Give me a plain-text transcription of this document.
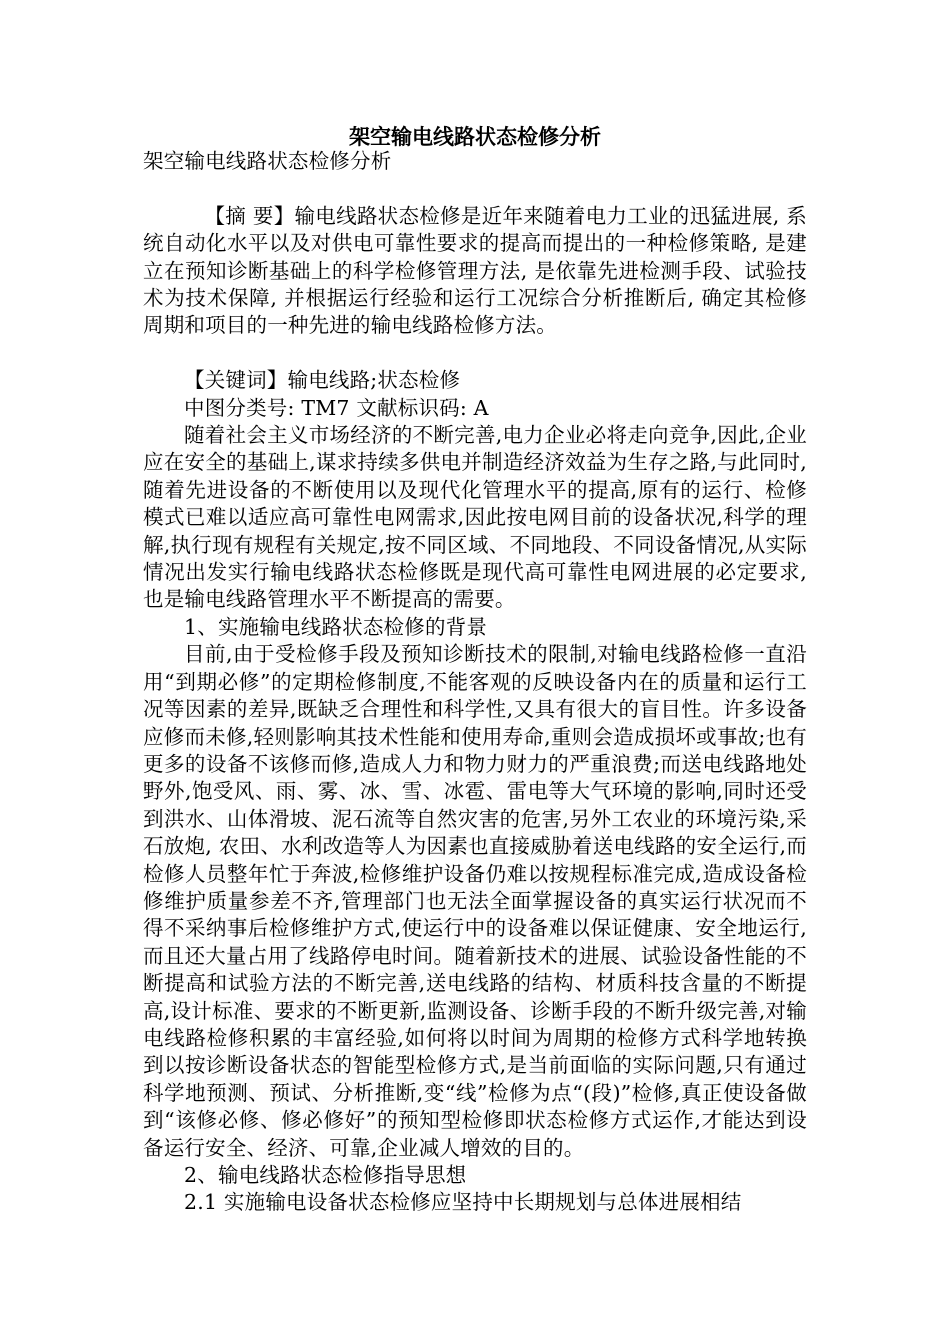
架空输电线路状态检修分析

架空输电线路状态检修分析

【摘 要】输电线路状态检修是近年来随着电力工业的迅猛进展, 系统自动化水平以及对供电可靠性要求的提高而提出的一种检修策略, 是建立在预知诊断基础上的科学检修管理方法, 是依靠先进检测手段、试验技术为技术保障, 并根据运行经验和运行工况综合分析推断后, 确定其检修周期和项目的一种先进的输电线路检修方法。

【关键词】输电线路;状态检修

中图分类号: TM7 文献标识码: A

随着社会主义市场经济的不断完善,电力企业必将走向竞争,因此,企业应在安全的基础上,谋求持续多供电并制造经济效益为生存之路,与此同时,随着先进设备的不断使用以及现代化管理水平的提高,原有的运行、检修模式已难以适应高可靠性电网需求,因此按电网目前的设备状况,科学的理解,执行现有规程有关规定,按不同区域、不同地段、不同设备情况,从实际情况出发实行输电线路状态检修既是现代高可靠性电网进展的必定要求,也是输电线路管理水平不断提高的需要。

1、实施输电线路状态检修的背景

目前,由于受检修手段及预知诊断技术的限制,对输电线路检修一直沿用“到期必修”的定期检修制度,不能客观的反映设备内在的质量和运行工况等因素的差异,既缺乏合理性和科学性,又具有很大的盲目性。许多设备应修而未修,轻则影响其技术性能和使用寿命,重则会造成损坏或事故;也有更多的设备不该修而修,造成人力和物力财力的严重浪费;而送电线路地处野外,饱受风、雨、雾、冰、雪、冰雹、雷电等大气环境的影响,同时还受到洪水、山体滑坡、泥石流等自然灾害的危害,另外工农业的环境污染,采石放炮, 农田、水利改造等人为因素也直接威胁着送电线路的安全运行,而检修人员整年忙于奔波,检修维护设备仍难以按规程标准完成,造成设备检修维护质量参差不齐,管理部门也无法全面掌握设备的真实运行状况而不得不采纳事后检修维护方式,使运行中的设备难以保证健康、安全地运行,而且还大量占用了线路停电时间。随着新技术的进展、试验设备性能的不断提高和试验方法的不断完善,送电线路的结构、材质科技含量的不断提高,设计标准、要求的不断更新,监测设备、诊断手段的不断升级完善,对输电线路检修积累的丰富经验,如何将以时间为周期的检修方式科学地转换到以按诊断设备状态的智能型检修方式,是当前面临的实际问题,只有通过科学地预测、预试、分析推断,变“线”检修为点“(段)”检修,真正使设备做到“该修必修、修必修好”的预知型检修即状态检修方式运作,才能达到设备运行安全、经济、可靠,企业减人增效的目的。

2、输电线路状态检修指导思想

2.1 实施输电设备状态检修应坚持中长期规划与总体进展相结
